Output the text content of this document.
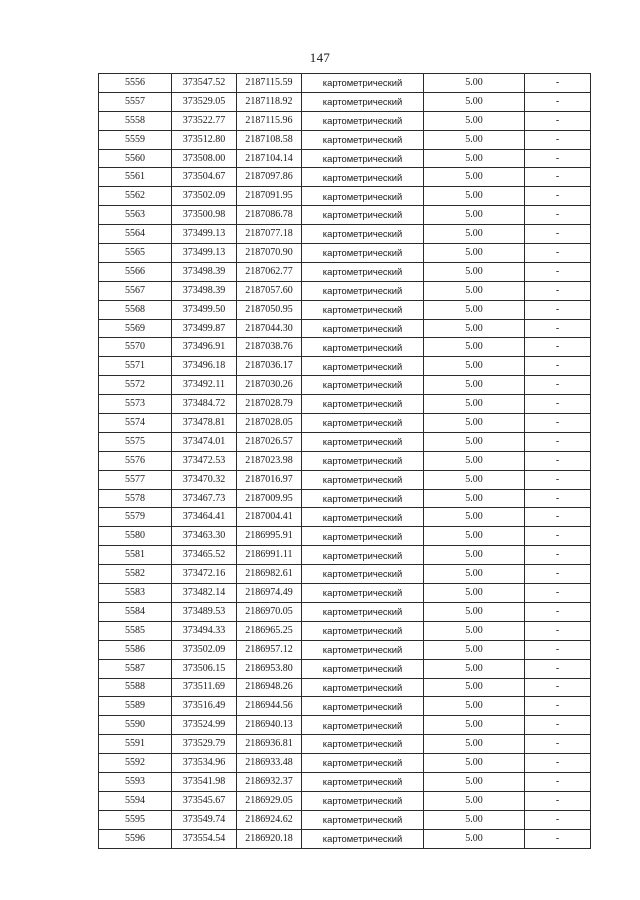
147
5556	373547.52	2187115.59	картометрический	5.00	-
5557	373529.05	2187118.92	картометрический	5.00	-
5558	373522.77	2187115.96	картометрический	5.00	-
5559	373512.80	2187108.58	картометрический	5.00	-
5560	373508.00	2187104.14	картометрический	5.00	-
5561	373504.67	2187097.86	картометрический	5.00	-
5562	373502.09	2187091.95	картометрический	5.00	-
5563	373500.98	2187086.78	картометрический	5.00	-
5564	373499.13	2187077.18	картометрический	5.00	-
5565	373499.13	2187070.90	картометрический	5.00	-
5566	373498.39	2187062.77	картометрический	5.00	-
5567	373498.39	2187057.60	картометрический	5.00	-
5568	373499.50	2187050.95	картометрический	5.00	-
5569	373499.87	2187044.30	картометрический	5.00	-
5570	373496.91	2187038.76	картометрический	5.00	-
5571	373496.18	2187036.17	картометрический	5.00	-
5572	373492.11	2187030.26	картометрический	5.00	-
5573	373484.72	2187028.79	картометрический	5.00	-
5574	373478.81	2187028.05	картометрический	5.00	-
5575	373474.01	2187026.57	картометрический	5.00	-
5576	373472.53	2187023.98	картометрический	5.00	-
5577	373470.32	2187016.97	картометрический	5.00	-
5578	373467.73	2187009.95	картометрический	5.00	-
5579	373464.41	2187004.41	картометрический	5.00	-
5580	373463.30	2186995.91	картометрический	5.00	-
5581	373465.52	2186991.11	картометрический	5.00	-
5582	373472.16	2186982.61	картометрический	5.00	-
5583	373482.14	2186974.49	картометрический	5.00	-
5584	373489.53	2186970.05	картометрический	5.00	-
5585	373494.33	2186965.25	картометрический	5.00	-
5586	373502.09	2186957.12	картометрический	5.00	-
5587	373506.15	2186953.80	картометрический	5.00	-
5588	373511.69	2186948.26	картометрический	5.00	-
5589	373516.49	2186944.56	картометрический	5.00	-
5590	373524.99	2186940.13	картометрический	5.00	-
5591	373529.79	2186936.81	картометрический	5.00	-
5592	373534.96	2186933.48	картометрический	5.00	-
5593	373541.98	2186932.37	картометрический	5.00	-
5594	373545.67	2186929.05	картометрический	5.00	-
5595	373549.74	2186924.62	картометрический	5.00	-
5596	373554.54	2186920.18	картометрический	5.00	-
